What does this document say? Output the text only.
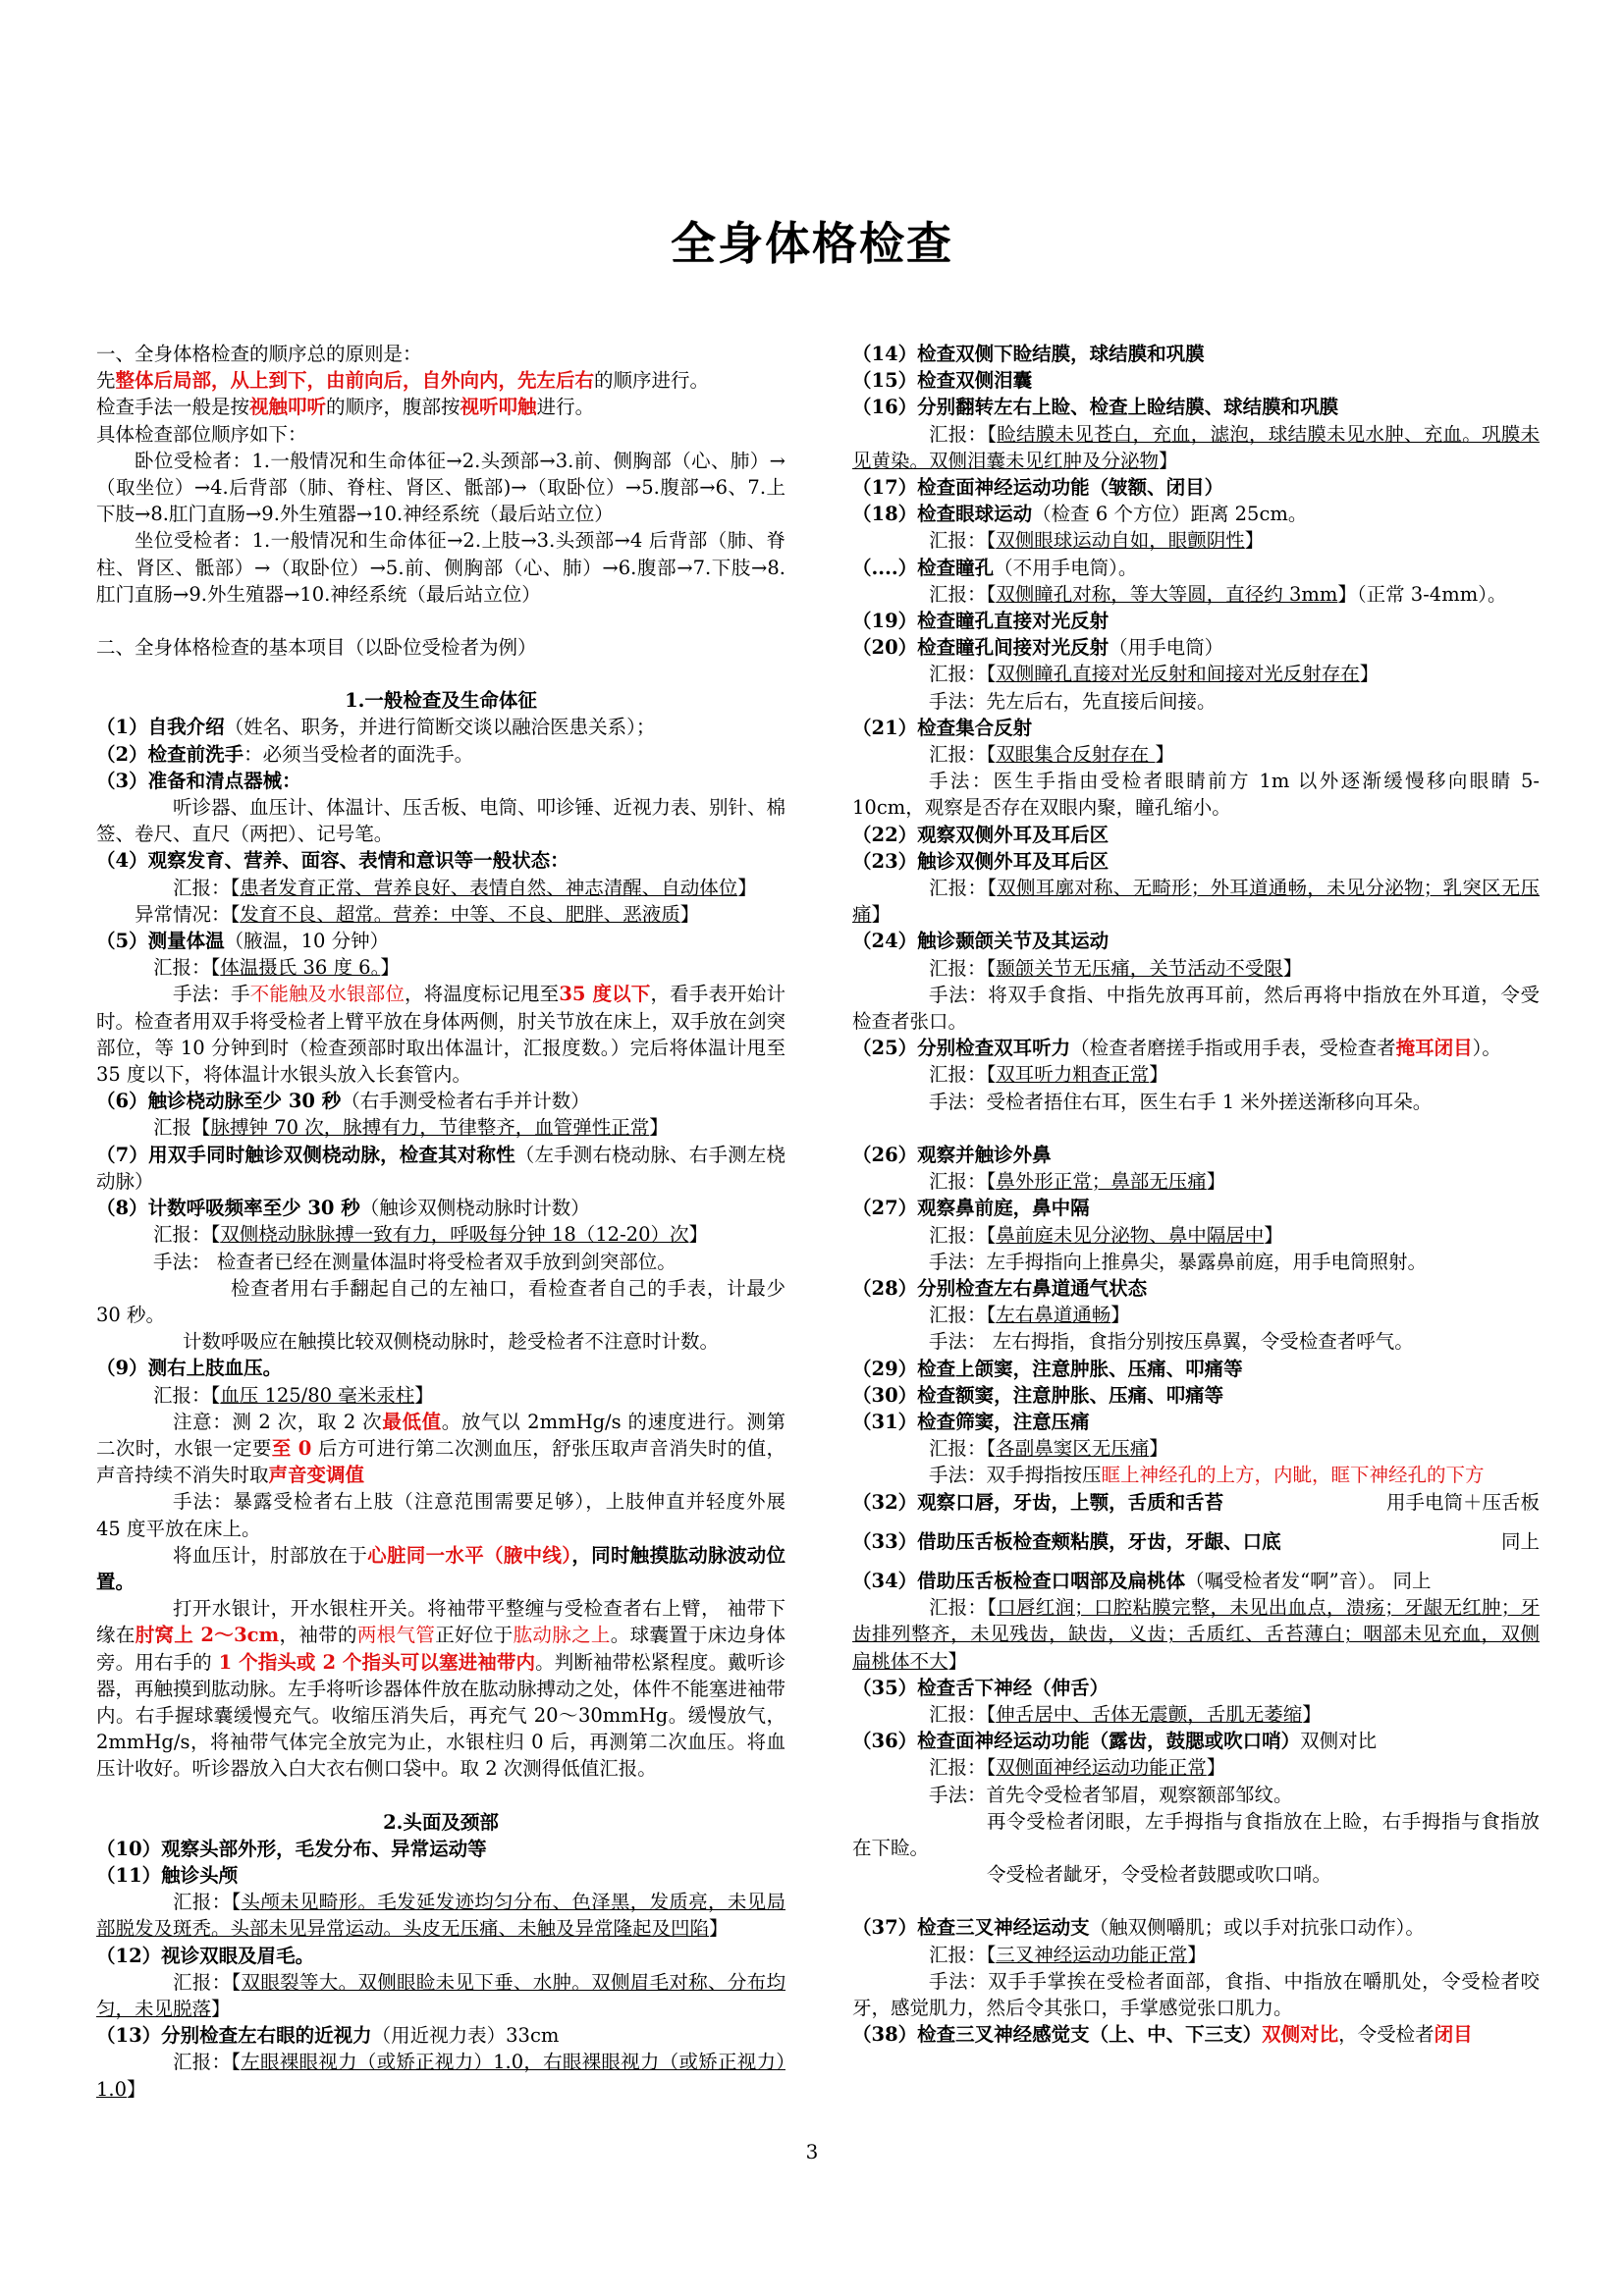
全身体格检查

一、全身体格检查的顺序总的原则是：

先整体后局部，从上到下，由前向后，自外向内，先左后右的顺序进行。

检查手法一般是按视触叩听的顺序，腹部按视听叩触进行。

具体检查部位顺序如下：

卧位受检者：1.一般情况和生命体征→2.头颈部→3.前、侧胸部（心、肺）→（取坐位）→4.后背部（肺、脊柱、肾区、骶部)→（取卧位）→5.腹部→6、7.上下肢→8.肛门直肠→9.外生殖器→10.神经系统（最后站立位）

坐位受检者：1.一般情况和生命体征→2.上肢→3.头颈部→4 后背部（肺、脊柱、肾区、骶部）→（取卧位）→5.前、侧胸部（心、肺）→6.腹部→7.下肢→8.肛门直肠→9.外生殖器→10.神经系统（最后站立位）

二、全身体格检查的基本项目（以卧位受检者为例）

1.一般检查及生命体征

（1）自我介绍（姓名、职务，并进行简断交谈以融洽医患关系）；

（2）检查前洗手：必须当受检者的面洗手。

（3）准备和清点器械：

听诊器、血压计、体温计、压舌板、电筒、叩诊锤、近视力表、别针、棉签、卷尺、直尺（两把）、记号笔。

（4）观察发育、营养、面容、表情和意识等一般状态：

汇报：【患者发育正常、营养良好、表情自然、神志清醒、自动体位】

异常情况：【发育不良、超常。营养：中等、不良、肥胖、恶液质】

（5）测量体温（腋温，10 分钟）

汇报：【体温摄氏 36 度 6。】

手法：手不能触及水银部位，将温度标记甩至35 度以下，看手表开始计时。检查者用双手将受检者上臂平放在身体两侧，肘关节放在床上，双手放在剑突部位，等 10 分钟到时（检查颈部时取出体温计，汇报度数。）完后将体温计甩至 35 度以下，将体温计水银头放入长套管内。

（6）触诊桡动脉至少 30 秒（右手测受检者右手并计数）

汇报【脉搏钟 70 次，脉搏有力，节律整齐，血管弹性正常】

（7）用双手同时触诊双侧桡动脉，检查其对称性（左手测右桡动脉、右手测左桡动脉）

（8）计数呼吸频率至少 30 秒（触诊双侧桡动脉时计数）

汇报：【双侧桡动脉脉搏一致有力，呼吸每分钟 18（12-20）次】

手法： 检查者已经在测量体温时将受检者双手放到剑突部位。

检查者用右手翻起自己的左袖口，看检查者自己的手表，计最少 30 秒。

计数呼吸应在触摸比较双侧桡动脉时，趁受检者不注意时计数。

（9）测右上肢血压。

汇报：【血压 125/80 毫米汞柱】

注意：测 2 次，取 2 次最低值。放气以 2mmHg/s 的速度进行。测第二次时，水银一定要至 0 后方可进行第二次测血压，舒张压取声音消失时的值，声音持续不消失时取声音变调值

手法：暴露受检者右上肢（注意范围需要足够），上肢伸直并轻度外展 45 度平放在床上。

将血压计，肘部放在于心脏同一水平（腋中线），同时触摸肱动脉波动位置。

打开水银计，开水银柱开关。将袖带平整缠与受检查者右上臂， 袖带下缘在肘窝上 2～3cm，袖带的两根气管正好位于肱动脉之上。球囊置于床边身体旁。用右手的 1 个指头或 2 个指头可以塞进袖带内。判断袖带松紧程度。戴听诊器，再触摸到肱动脉。左手将听诊器体件放在肱动脉搏动之处，体件不能塞进袖带内。右手握球囊缓慢充气。收缩压消失后，再充气 20～30mmHg。缓慢放气，2mmHg/s，将袖带气体完全放完为止，水银柱归 0 后，再测第二次血压。将血压计收好。听诊器放入白大衣右侧口袋中。取 2 次测得低值汇报。

2.头面及颈部

（10）观察头部外形，毛发分布、异常运动等

（11）触诊头颅

汇报：【头颅未见畸形。毛发延发迹均匀分布、色泽黑，发质亮，未见局部脱发及斑秃。头部未见异常运动。头皮无压痛、未触及异常隆起及凹陷】

（12）视诊双眼及眉毛。

汇报：【双眼裂等大。双侧眼睑未见下垂、水肿。双侧眉毛对称、分布均匀，未见脱落】

（13）分别检查左右眼的近视力（用近视力表）33cm

汇报：【左眼裸眼视力（或矫正视力）1.0，右眼裸眼视力（或矫正视力）1.0】

（14）检查双侧下睑结膜，球结膜和巩膜

（15）检查双侧泪囊

（16）分别翻转左右上睑、检查上睑结膜、球结膜和巩膜

汇报：【睑结膜未见苍白，充血，滤泡，球结膜未见水肿、充血。巩膜未见黄染。双侧泪囊未见红肿及分泌物】

（17）检查面神经运动功能（皱额、闭目）

（18）检查眼球运动（检查 6 个方位）距离 25cm。

汇报：【双侧眼球运动自如，眼颤阴性】

（....）检查瞳孔（不用手电筒）。

汇报：【双侧瞳孔对称，等大等圆，直径约 3mm】（正常 3-4mm）。

（19）检查瞳孔直接对光反射

（20）检查瞳孔间接对光反射（用手电筒）

汇报：【双侧瞳孔直接对光反射和间接对光反射存在】

手法：先左后右，先直接后间接。

（21）检查集合反射

汇报：【双眼集合反射存在 】

手法：医生手指由受检者眼睛前方 1m 以外逐渐缓慢移向眼睛 5-10cm，观察是否存在双眼内聚，瞳孔缩小。

（22）观察双侧外耳及耳后区

（23）触诊双侧外耳及耳后区

汇报：【双侧耳廓对称、无畸形；外耳道通畅，未见分泌物；乳突区无压痛】

（24）触诊颞颌关节及其运动

汇报：【颞颌关节无压痛，关节活动不受限】

手法：将双手食指、中指先放再耳前，然后再将中指放在外耳道，令受检查者张口。

（25）分别检查双耳听力（检查者磨搓手指或用手表，受检查者掩耳闭目）。

汇报：【双耳听力粗查正常】

手法：受检者捂住右耳，医生右手 1 米外搓送渐移向耳朵。

（26）观察并触诊外鼻

汇报：【鼻外形正常；鼻部无压痛】

（27）观察鼻前庭，鼻中隔

汇报：【鼻前庭未见分泌物、鼻中隔居中】

手法：左手拇指向上推鼻尖，暴露鼻前庭，用手电筒照射。

（28）分别检查左右鼻道通气状态

汇报：【左右鼻道通畅】

手法： 左右拇指，食指分别按压鼻翼，令受检查者呼气。

（29）检查上颌窦，注意肿胀、压痛、叩痛等

（30）检查额窦，注意肿胀、压痛、叩痛等

（31）检查筛窦，注意压痛

汇报：【各副鼻窦区无压痛】

手法：双手拇指按压眶上神经孔的上方，内眦，眶下神经孔的下方

（32）观察口唇，牙齿，上颚，舌质和舌苔	用手电筒＋压舌板

（33）借助压舌板检查颊粘膜，牙齿，牙龈、口底	同上

（34）借助压舌板检查口咽部及扁桃体（嘱受检者发“啊”音）。 同上

汇报：【口唇红润；口腔粘膜完整，未见出血点，溃疡；牙龈无红肿；牙齿排列整齐，未见残齿，缺齿，义齿；舌质红、舌苔薄白；咽部未见充血，双侧扁桃体不大】

（35）检查舌下神经（伸舌）

汇报：【伸舌居中、舌体无震颤，舌肌无萎缩】

（36）检查面神经运动功能（露齿，鼓腮或吹口哨）双侧对比

汇报：【双侧面神经运动功能正常】

手法：首先令受检者邹眉，观察额部邹纹。

再令受检者闭眼，左手拇指与食指放在上睑，右手拇指与食指放在下睑。

令受检者龇牙，令受检者鼓腮或吹口哨。

（37）检查三叉神经运动支（触双侧嚼肌；或以手对抗张口动作）。

汇报：【三叉神经运动功能正常】

手法：双手手掌挨在受检者面部，食指、中指放在嚼肌处，令受检者咬牙，感觉肌力，然后令其张口，手掌感觉张口肌力。

（38）检查三叉神经感觉支（上、中、下三支）双侧对比，令受检者闭目

3
